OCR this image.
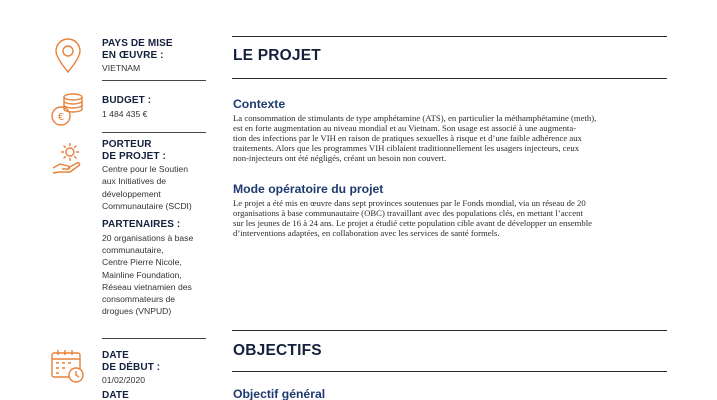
PAYS DE MISE
EN ŒUVRE :
VIETNAM
€
BUDGET :
1 484 435 €
PORTEUR
DE PROJET :
Centre pour le Soutien
aux Initiatives de
développement
Communautaire (SCDI)
PARTENAIRES :
20 organisations à base
communautaire,
Centre Pierre Nicole,
Mainline Foundation,
Réseau vietnamien des
consommateurs de
drogues (VNPUD)
DATE
DE DÉBUT :
01/02/2020
DATE
LE PROJET
Contexte
La consommation de stimulants de type amphétamine (ATS), en particulier la méthamphétamine (meth),
est en forte augmentation au niveau mondial et au Vietnam. Son usage est associé à une augmenta-
tion des infections par le VIH en raison de pratiques sexuelles à risque et d’une faible adhérence aux
traitements. Alors que les programmes VIH ciblaient traditionnellement les usagers injecteurs, ceux
non-injecteurs ont été négligés, créant un besoin non couvert.
Mode opératoire du projet
Le projet a été mis en œuvre dans sept provinces soutenues par le Fonds mondial, via un réseau de 20
organisations à base communautaire (OBC) travaillant avec des populations clés, en mettant l’accent
sur les jeunes de 16 à 24 ans. Le projet a étudié cette population cible avant de développer un ensemble
d’interventions adaptées, en collaboration avec les services de santé formels.
OBJECTIFS
Objectif général
